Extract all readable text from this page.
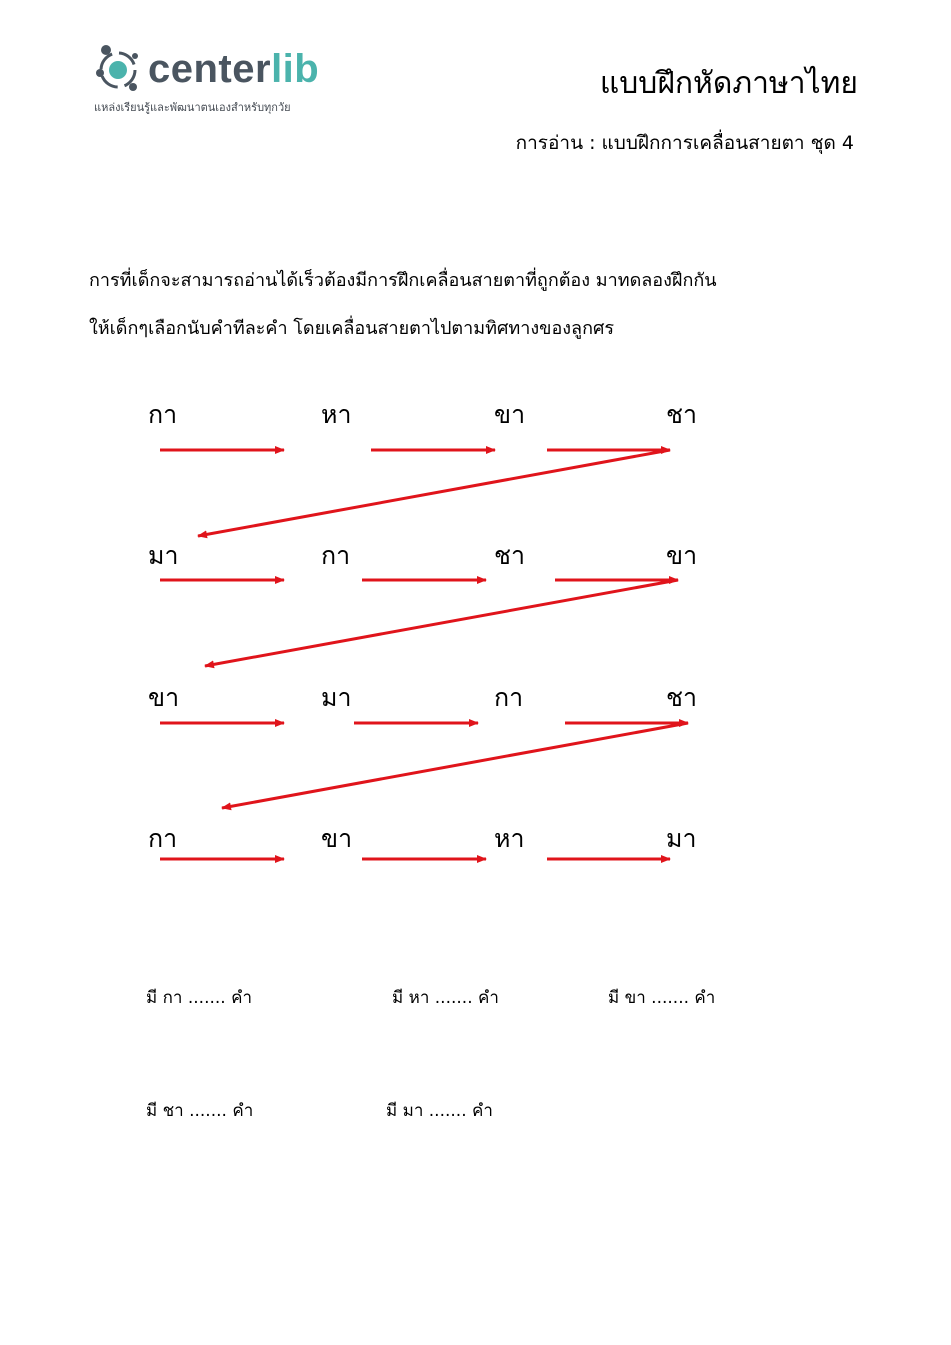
centerlib
แหล่งเรียนรู้และพัฒนาตนเองสำหรับทุกวัย
แบบฝึกหัดภาษาไทย
การอ่าน : แบบฝึกการเคลื่อนสายตา ชุด 4
การที่เด็กจะสามารถอ่านได้เร็วต้องมีการฝึกเคลื่อนสายตาที่ถูกต้อง มาทดลองฝึกกัน
ให้เด็กๆเลือกนับคำทีละคำ โดยเคลื่อนสายตาไปตามทิศทางของลูกศร
กา	หา	ขา	ชา
มา	กา	ชา	ขา
ขา	มา	กา	ชา
กา	ขา	หา	มา
มี กา ....... คำ	มี หา ....... คำ	มี ขา ....... คำ
มี ชา ....... คำ	มี มา ....... คำ
